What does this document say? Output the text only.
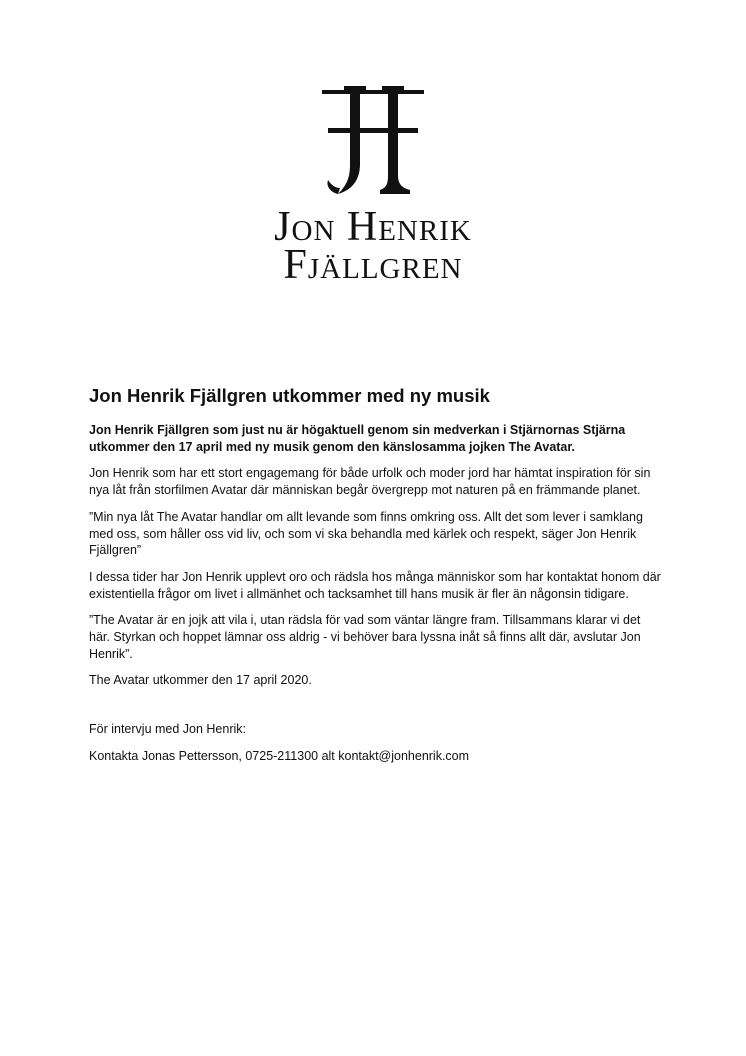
Jon Henrik
Fjällgren
Jon Henrik Fjällgren utkommer med ny musik

Jon Henrik Fjällgren som just nu är högaktuell genom sin medverkan i Stjärnornas Stjärna utkommer den 17 april med ny musik genom den känslosamma jojken The Avatar.

Jon Henrik som har ett stort engagemang för både urfolk och moder jord har hämtat inspiration för sin nya låt från storfilmen Avatar där människan begår övergrepp mot naturen på en främmande planet.

”Min nya låt The Avatar handlar om allt levande som finns omkring oss. Allt det som lever i samklang med oss, som håller oss vid liv, och som vi ska behandla med kärlek och respekt, säger Jon Henrik Fjällgren”

I dessa tider har Jon Henrik upplevt oro och rädsla hos många människor som har kontaktat honom där existentiella frågor om livet i allmänhet och tacksamhet till hans musik är fler än någonsin tidigare.

”The Avatar är en jojk att vila i, utan rädsla för vad som väntar längre fram. Tillsammans klarar vi det här. Styrkan och hoppet lämnar oss aldrig - vi behöver bara lyssna inåt så finns allt där, avslutar Jon Henrik”.

The Avatar utkommer den 17 april 2020.

För intervju med Jon Henrik:

Kontakta Jonas Pettersson, 0725-211300 alt kontakt@jonhenrik.com
